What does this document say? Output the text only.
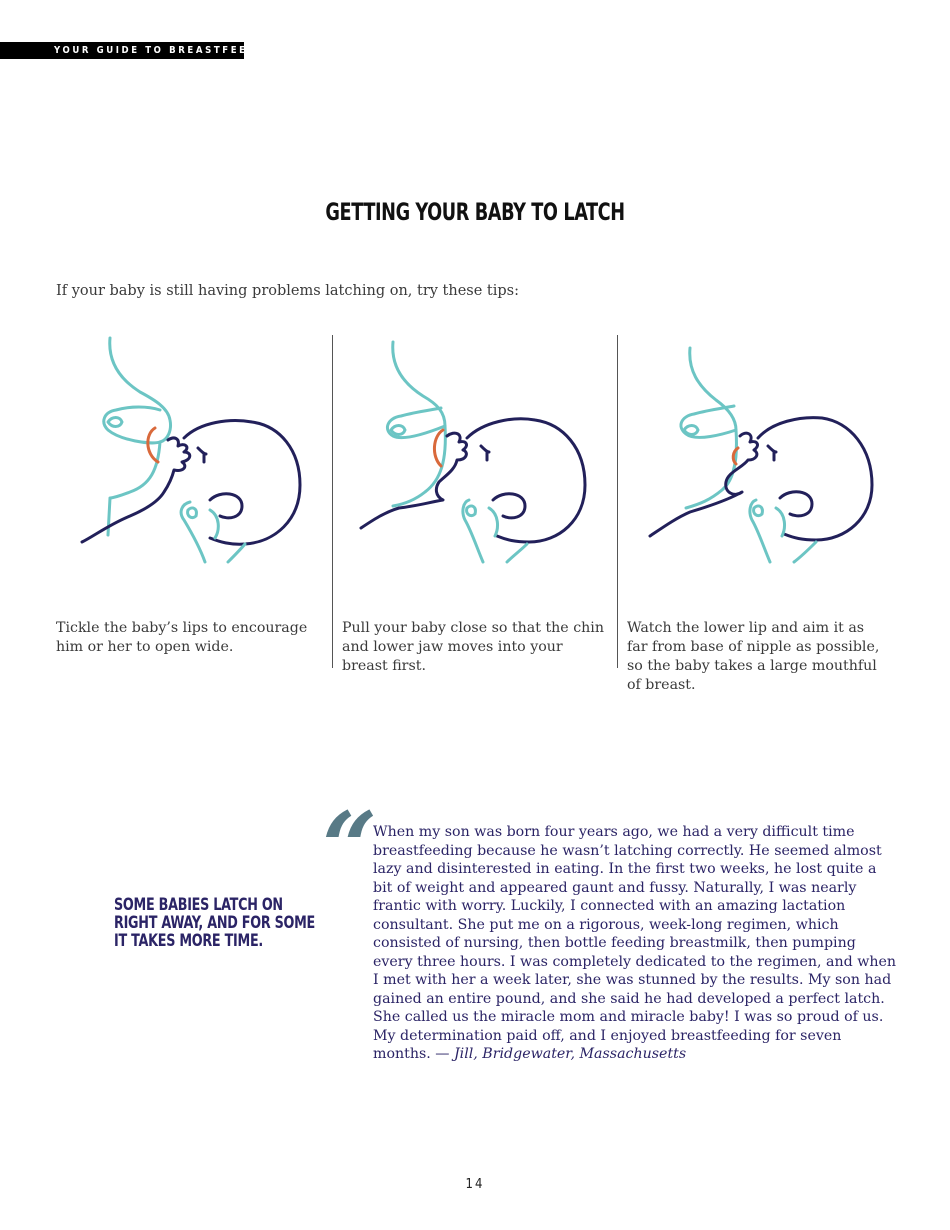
YOUR GUIDE TO BREASTFEEDING
GETTING YOUR BABY TO LATCH
If your baby is still having problems latching on, try these tips:
Tickle the baby’s lips to encourage him or her to open wide.
Pull your baby close so that the chin and lower jaw moves into your breast first.
Watch the lower lip and aim it as far from base of nipple as possible, so the baby takes a large mouthful of breast.
SOME BABIES LATCH ON RIGHT AWAY, AND FOR SOME IT TAKES MORE TIME.
“
When my son was born four years ago, we had a very difficult time breastfeeding because he wasn’t latching correctly. He seemed almost lazy and disinterested in eating. In the first two weeks, he lost quite a bit of weight and appeared gaunt and fussy. Naturally, I was nearly frantic with worry. Luckily, I connected with an amazing lactation consultant. She put me on a rigorous, week-long regimen, which consisted of nursing, then bottle feeding breastmilk, then pumping every three hours. I was completely dedicated to the regimen, and when I met with her a week later, she was stunned by the results. My son had gained an entire pound, and she said he had developed a perfect latch. She called us the miracle mom and miracle baby! I was so proud of us. My determination paid off, and I enjoyed breastfeeding for seven months. — Jill, Bridgewater, Massachusetts
14
